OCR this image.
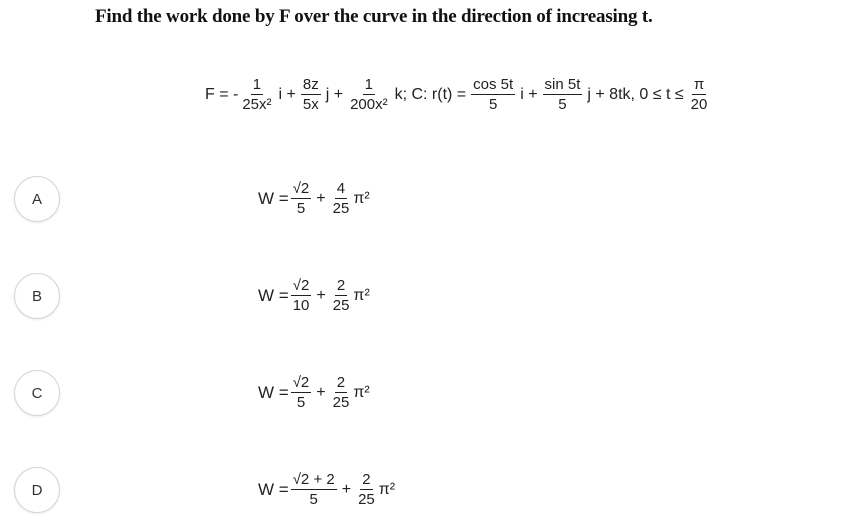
Find the work done by F over the curve in the direction of increasing t.
F = - $\frac{1}{\text{25x²}}$ $i + \frac{8z}{5x}$ $j + \frac{1}{\text{200x²}} k$; C: $r(t) = \frac{\cos 5t}{5}$ $i + \frac{\sin 5t}{5}$ j + 8tk, $0 \le t \le \frac{\pi}{20}$
A	$W = \frac{√2}{5} + \frac{4}{25} \pi^2$
B	$W = \frac{√2}{10} + \frac{2}{25} \pi^2$
C	$W = \frac{√2}{5} + \frac{2}{25} \pi^2$
D	$W = \frac{√2 + 2}{5} + \frac{2}{25} \pi^2$
